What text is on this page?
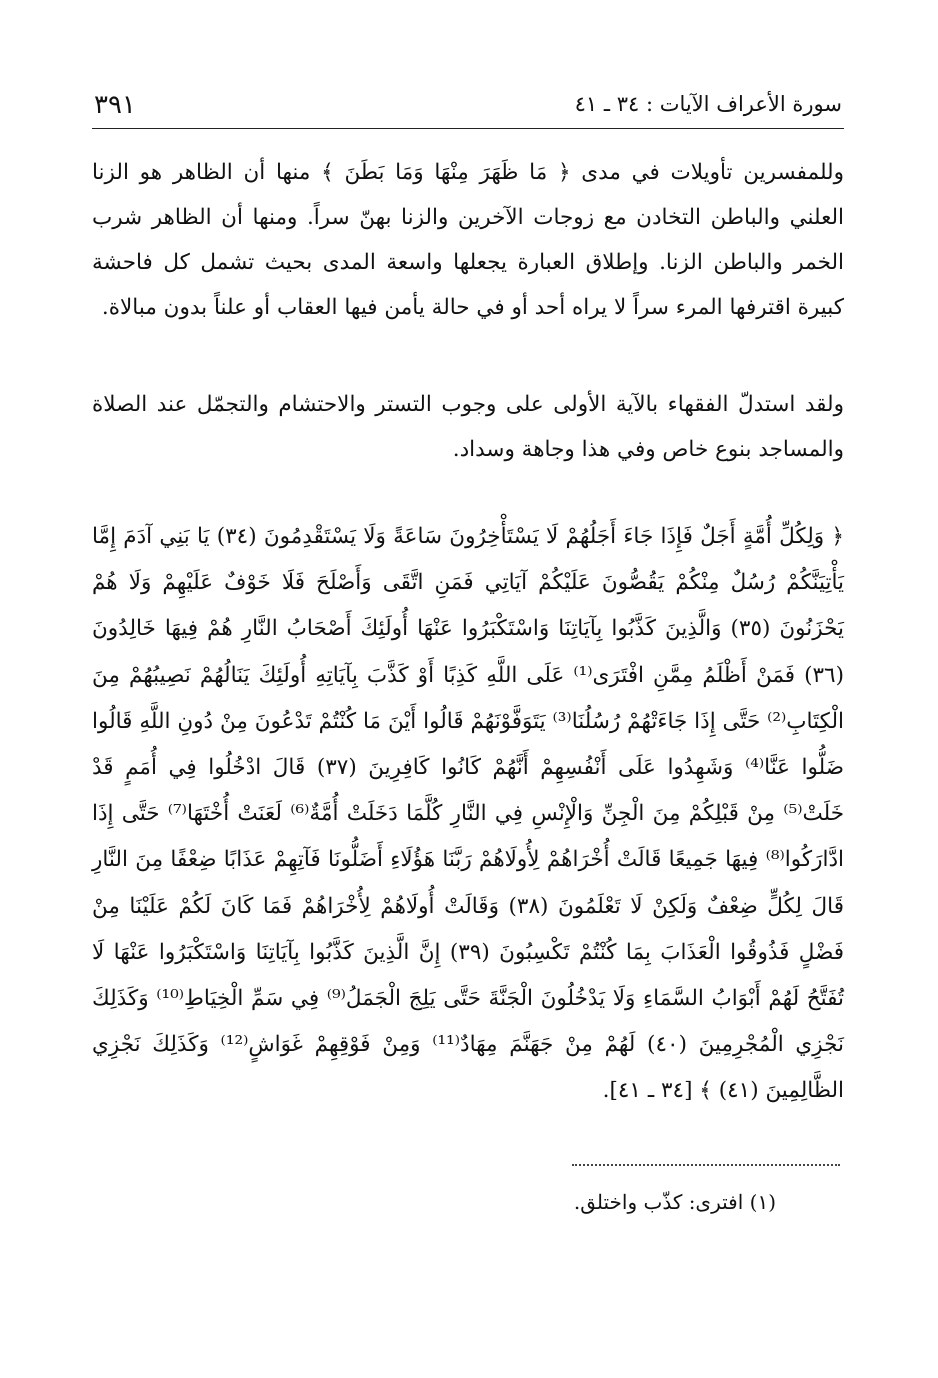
٣٩١	سورة الأعراف الآيات : ٣٤ ـ ٤١

وللمفسرين تأويلات في مدى ﴿ مَا ظَهَرَ مِنْهَا وَمَا بَطَنَ ﴾ منها أن الظاهر هو الزنا العلني والباطن التخادن مع زوجات الآخرين والزنا بهنّ سراً. ومنها أن الظاهر شرب الخمر والباطن الزنا. وإطلاق العبارة يجعلها واسعة المدى بحيث تشمل كل فاحشة كبيرة اقترفها المرء سراً لا يراه أحد أو في حالة يأمن فيها العقاب أو علناً بدون مبالاة.

ولقد استدلّ الفقهاء بالآية الأولى على وجوب التستر والاحتشام والتجمّل عند الصلاة والمساجد بنوع خاص وفي هذا وجاهة وسداد.

﴿ وَلِكُلِّ أُمَّةٍ أَجَلٌ فَإِذَا جَاءَ أَجَلُهُمْ لَا يَسْتَأْخِرُونَ سَاعَةً وَلَا يَسْتَقْدِمُونَ (٣٤) يَا بَنِي آدَمَ إِمَّا يَأْتِيَنَّكُمْ رُسُلٌ مِنْكُمْ يَقُصُّونَ عَلَيْكُمْ آيَاتِي فَمَنِ اتَّقَى وَأَصْلَحَ فَلَا خَوْفٌ عَلَيْهِمْ وَلَا هُمْ يَحْزَنُونَ (٣٥) وَالَّذِينَ كَذَّبُوا بِآيَاتِنَا وَاسْتَكْبَرُوا عَنْهَا أُولَئِكَ أَصْحَابُ النَّارِ هُمْ فِيهَا خَالِدُونَ (٣٦) فَمَنْ أَظْلَمُ مِمَّنِ افْتَرَى⁽¹⁾ عَلَى اللَّهِ كَذِبًا أَوْ كَذَّبَ بِآيَاتِهِ أُولَئِكَ يَنَالُهُمْ نَصِيبُهُمْ مِنَ الْكِتَابِ⁽²⁾ حَتَّى إِذَا جَاءَتْهُمْ رُسُلُنَا⁽³⁾ يَتَوَفَّوْنَهُمْ قَالُوا أَيْنَ مَا كُنْتُمْ تَدْعُونَ مِنْ دُونِ اللَّهِ قَالُوا ضَلُّوا عَنَّا⁽⁴⁾ وَشَهِدُوا عَلَى أَنْفُسِهِمْ أَنَّهُمْ كَانُوا كَافِرِينَ (٣٧) قَالَ ادْخُلُوا فِي أُمَمٍ قَدْ خَلَتْ⁽⁵⁾ مِنْ قَبْلِكُمْ مِنَ الْجِنِّ وَالْإِنْسِ فِي النَّارِ كُلَّمَا دَخَلَتْ أُمَّةٌ⁽⁶⁾ لَعَنَتْ أُخْتَهَا⁽⁷⁾ حَتَّى إِذَا ادَّارَكُوا⁽⁸⁾ فِيهَا جَمِيعًا قَالَتْ أُخْرَاهُمْ لِأُولَاهُمْ رَبَّنَا هَؤُلَاءِ أَضَلُّونَا فَآتِهِمْ عَذَابًا ضِعْفًا مِنَ النَّارِ قَالَ لِكُلٍّ ضِعْفٌ وَلَكِنْ لَا تَعْلَمُونَ (٣٨) وَقَالَتْ أُولَاهُمْ لِأُخْرَاهُمْ فَمَا كَانَ لَكُمْ عَلَيْنَا مِنْ فَضْلٍ فَذُوقُوا الْعَذَابَ بِمَا كُنْتُمْ تَكْسِبُونَ (٣٩) إِنَّ الَّذِينَ كَذَّبُوا بِآيَاتِنَا وَاسْتَكْبَرُوا عَنْهَا لَا تُفَتَّحُ لَهُمْ أَبْوَابُ السَّمَاءِ وَلَا يَدْخُلُونَ الْجَنَّةَ حَتَّى يَلِجَ الْجَمَلُ⁽⁹⁾ فِي سَمِّ الْخِيَاطِ⁽¹⁰⁾ وَكَذَلِكَ نَجْزِي الْمُجْرِمِينَ (٤٠) لَهُمْ مِنْ جَهَنَّمَ مِهَادٌ⁽¹¹⁾ وَمِنْ فَوْقِهِمْ غَوَاشٍ⁽¹²⁾ وَكَذَلِكَ نَجْزِي الظَّالِمِينَ (٤١) ﴾ [٣٤ ـ ٤١].

(١) افترى: كذّب واختلق.
